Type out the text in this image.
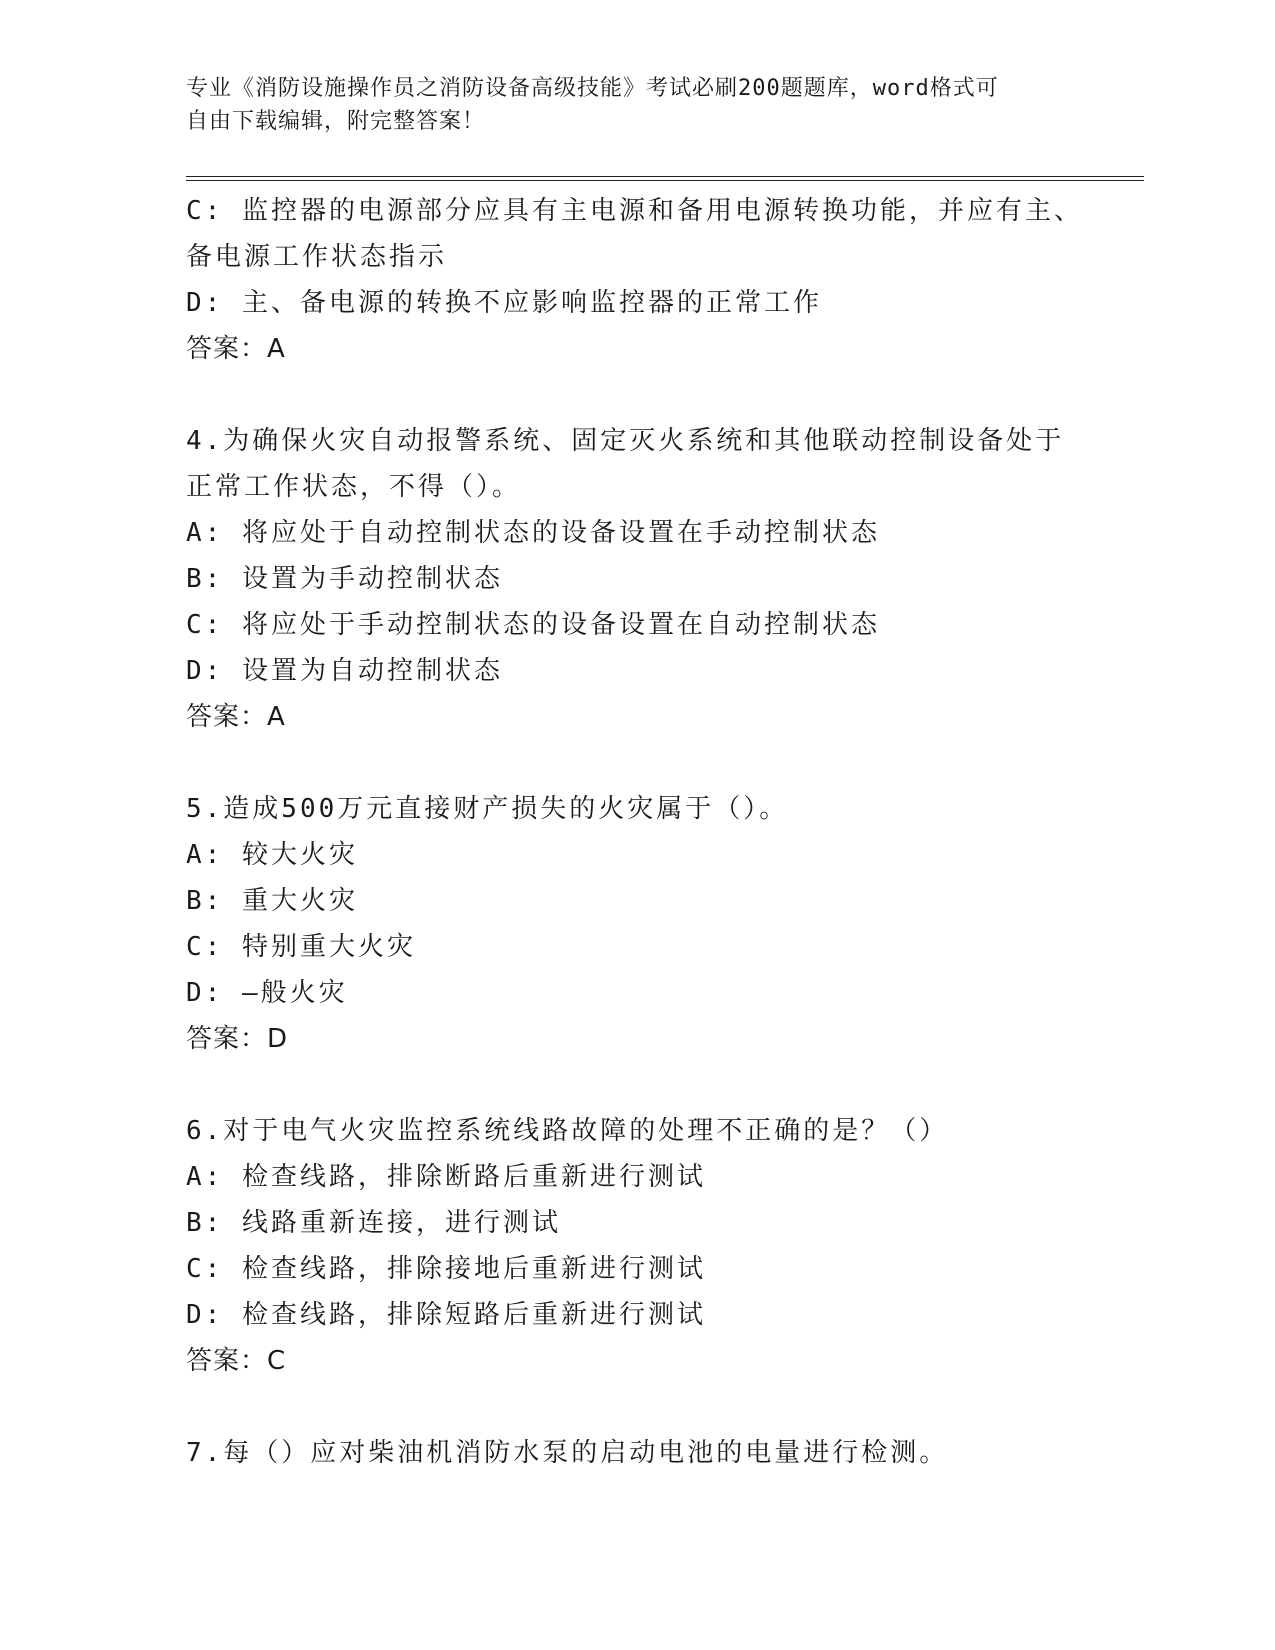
专业《消防设施操作员之消防设备高级技能》考试必刷200题题库，word格式可
自由下载编辑，附完整答案！
C: 监控器的电源部分应具有主电源和备用电源转换功能，并应有主、
备电源工作状态指示
D: 主、备电源的转换不应影响监控器的正常工作
答案：A
4.为确保火灾自动报警系统、固定灭火系统和其他联动控制设备处于
正常工作状态，不得（）。
A: 将应处于自动控制状态的设备设置在手动控制状态
B: 设置为手动控制状态
C: 将应处于手动控制状态的设备设置在自动控制状态
D: 设置为自动控制状态
答案：A
5.造成500万元直接财产损失的火灾属于（）。
A: 较大火灾
B: 重大火灾
C: 特别重大火灾
D: —般火灾
答案：D
6.对于电气火灾监控系统线路故障的处理不正确的是？（）
A: 检查线路，排除断路后重新进行测试
B: 线路重新连接，进行测试
C: 检查线路，排除接地后重新进行测试
D: 检查线路，排除短路后重新进行测试
答案：C
7.每（）应对柴油机消防水泵的启动电池的电量进行检测。
